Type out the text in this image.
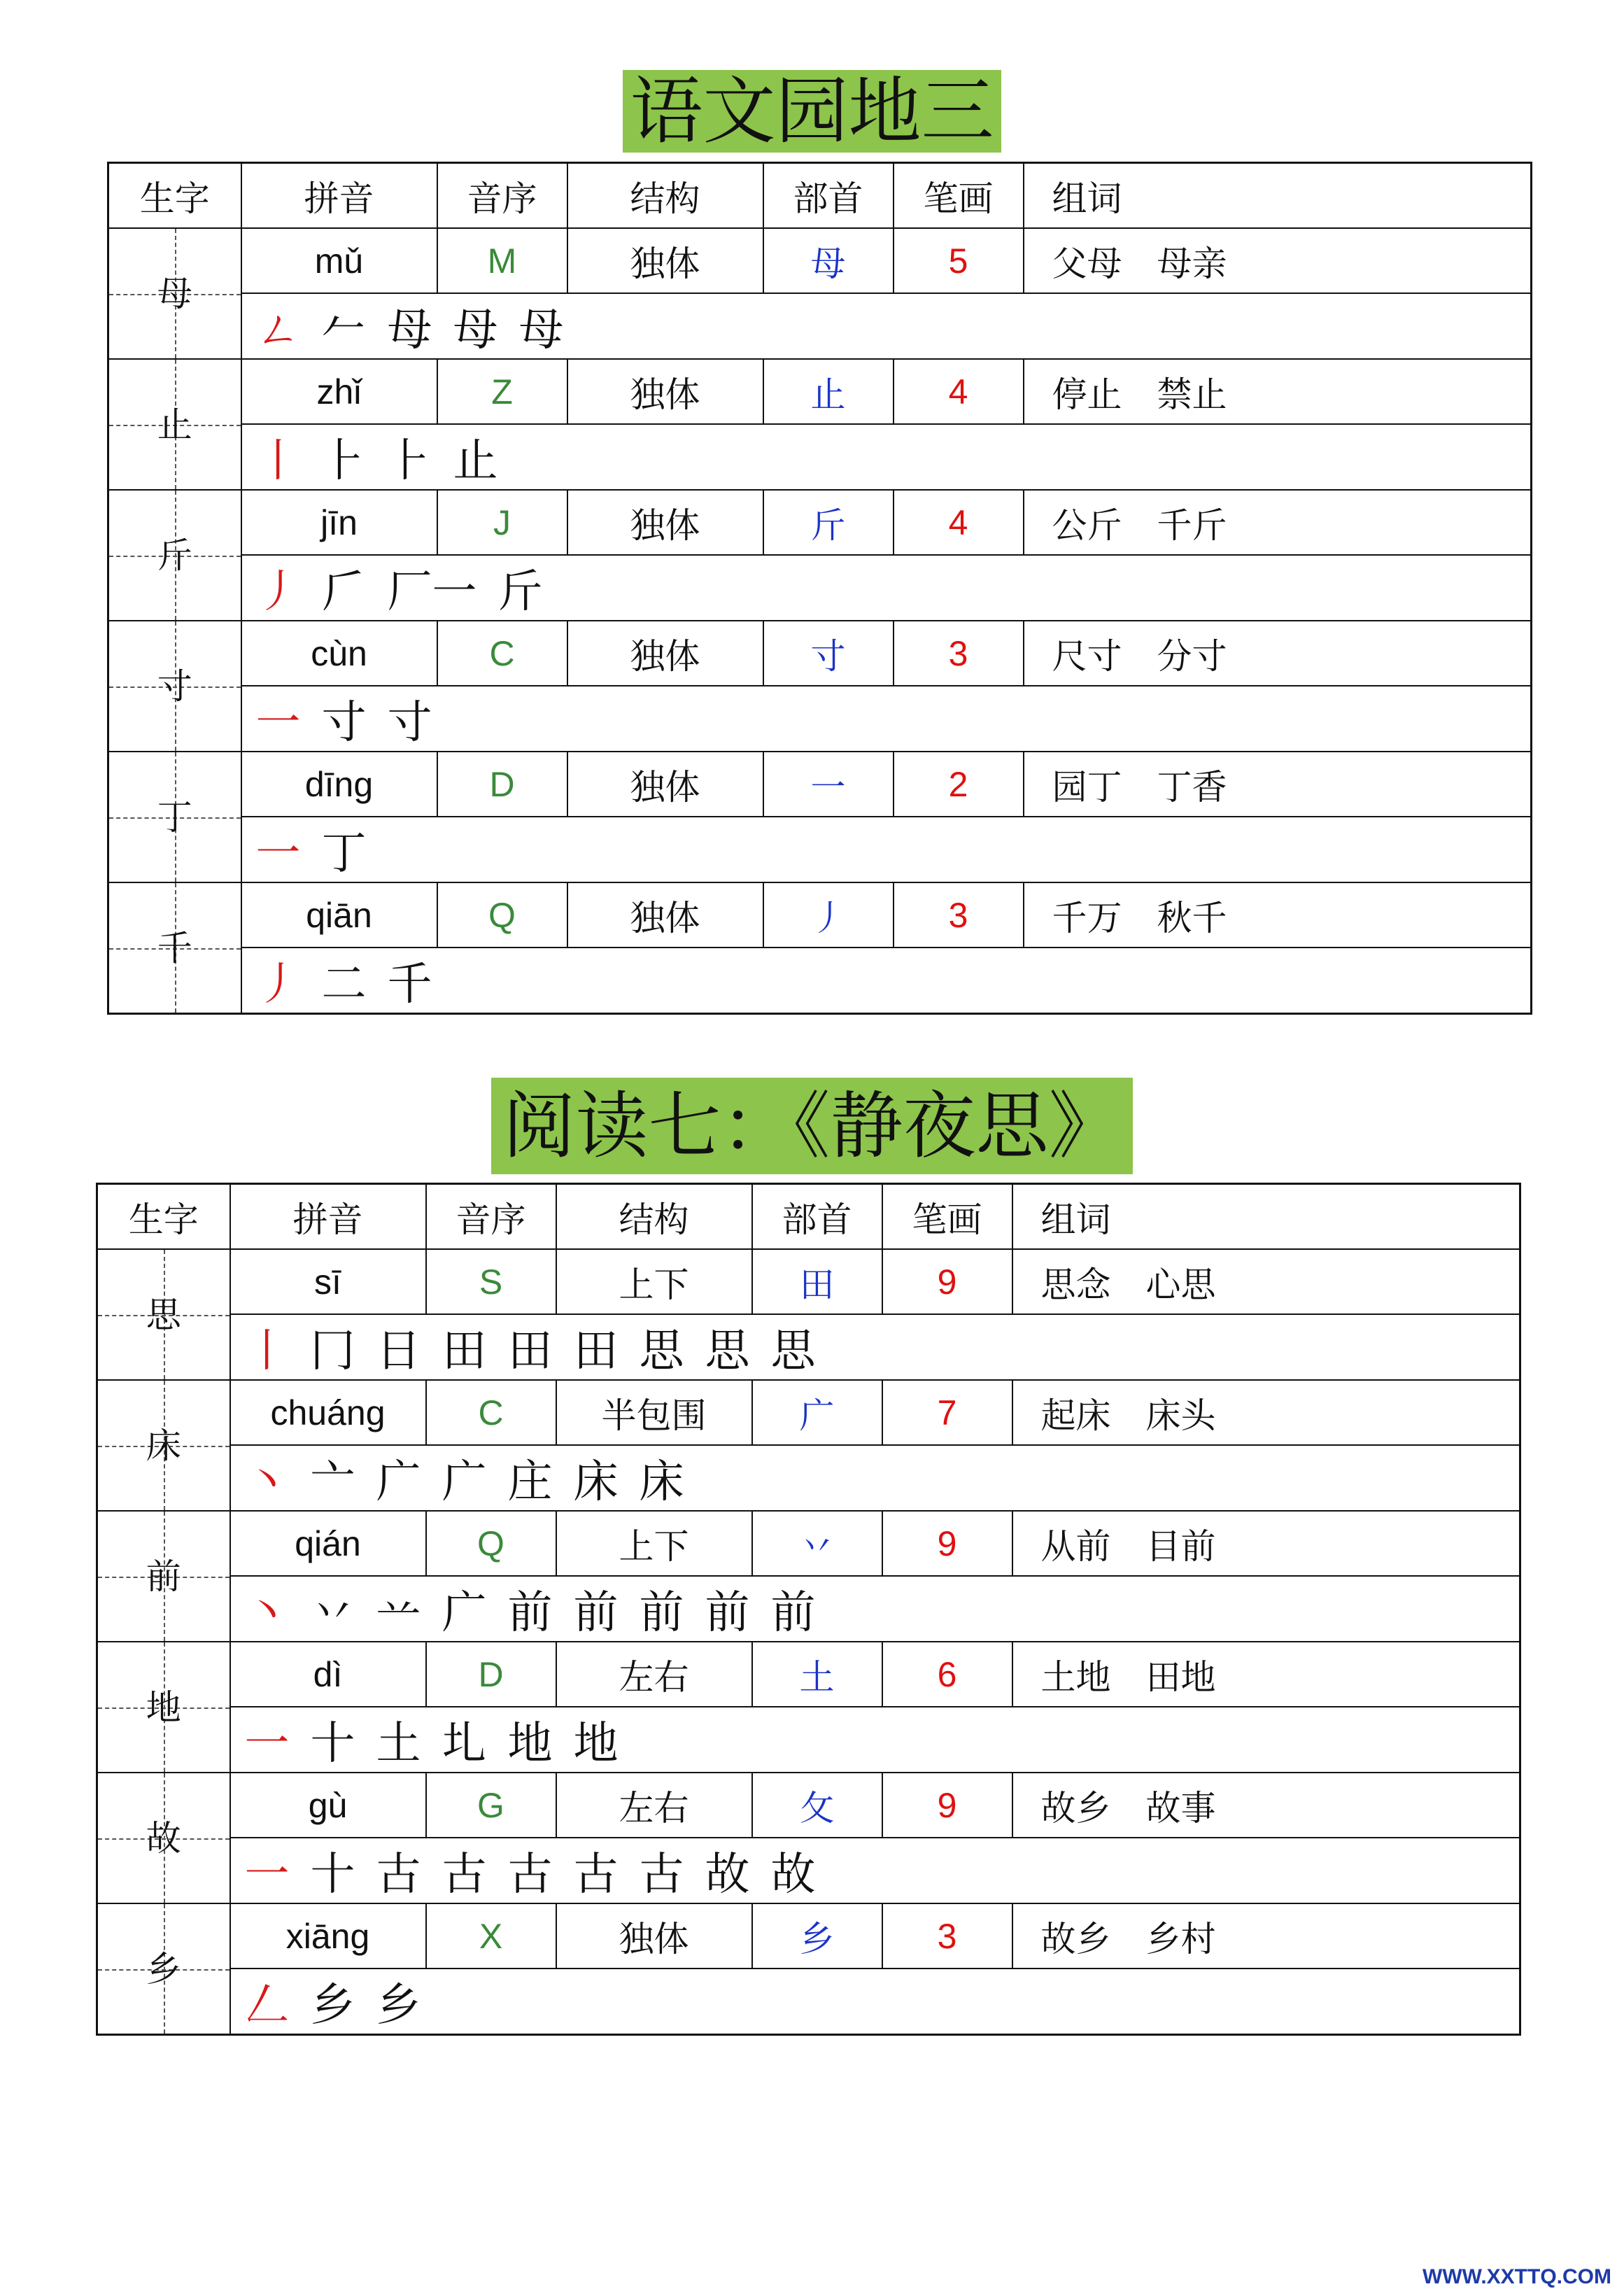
语文园地三
生字	拼音	音序	结构	部首	笔画	组词

母	mǔ	M	独体	母	5	父母　母亲
	ㄥ 𠂉 母 母 母					

止	zhǐ	Z	独体	止	4	停止　禁止
	丨 ⺊ ⺊ 止					

斤	jīn	J	独体	斤	4	公斤　千斤
	丿 𠂆 厂一 斤					

寸	cùn	C	独体	寸	3	尺寸　分寸
	一 寸 寸					

丁	dīng	D	独体	一	2	园丁　丁香
	一 丁					

千	qiān	Q	独体	丿	3	千万　秋千
	丿 二 千					
阅读七：《静夜思》
生字	拼音	音序	结构	部首	笔画	组词

思	sī	S	上下	田	9	思念　心思
	丨 冂 日 田 田 田 思 思 思					

床	chuáng	C	半包围	广	7	起床　床头
	丶 亠 广 广 庄 床 床					

前	qián	Q	上下	丷	9	从前　目前
	丶 丷 䒑 广 前 前 前 前 前					

地	dì	D	左右	土	6	土地　田地
	一 十 土 圠 地 地					

故	gù	G	左右	攵	9	故乡　故事
	一 十 古 古 古 古 古 故 故					

乡	xiāng	X	独体	乡	3	故乡　乡村
	𠃋 乡 乡					
WWW.XXTTQ.COM
